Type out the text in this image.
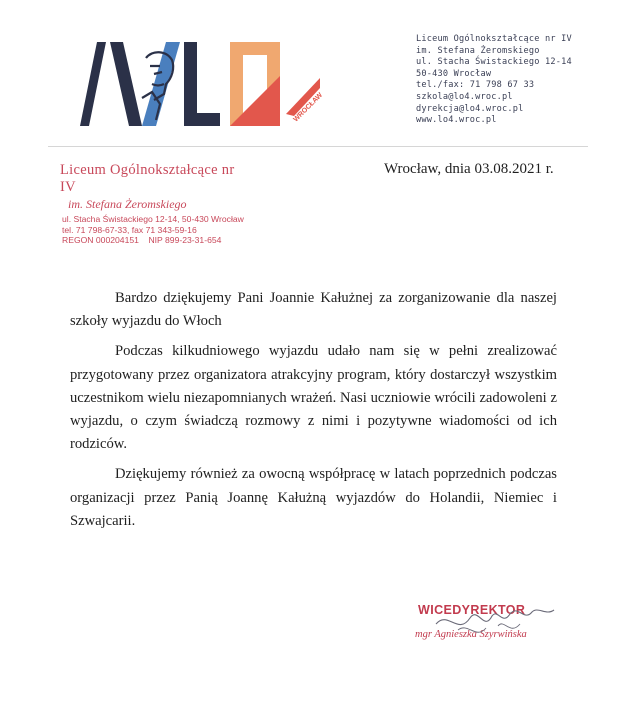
WROCŁAW
Liceum Ogólnokształcące nr IV
im. Stefana Żeromskiego
ul. Stacha Świstackiego 12-14
50-430 Wrocław
tel./fax: 71 798 67 33
szkola@lo4.wroc.pl
dyrekcja@lo4.wroc.pl
www.lo4.wroc.pl
Liceum Ogólnokształcące nr IV
im. Stefana Żeromskiego
ul. Stacha Świstackiego 12-14, 50-430 Wrocław
tel. 71 798-67-33, fax 71 343-59-16
REGON 000204151    NIP 899-23-31-654
Wrocław, dnia 03.08.2021 r.

Bardzo dziękujemy Pani Joannie Kałużnej za zorganizowanie dla naszej szkoły wyjazdu do Włoch

Podczas kilkudniowego wyjazdu udało nam się w pełni zrealizować przygotowany przez organizatora atrakcyjny program, który dostarczył wszystkim uczestnikom wielu niezapomnianych wrażeń. Nasi uczniowie wrócili zadowoleni z wyjazdu, o czym świadczą rozmowy z nimi i pozytywne wiadomości od ich rodziców.

Dziękujemy również za owocną współpracę w latach poprzednich podczas organizacji przez Panią Joannę Kałużną wyjazdów do Holandii, Niemiec i Szwajcarii.

WICEDYREKTOR
mgr Agnieszka Szyrwińska
